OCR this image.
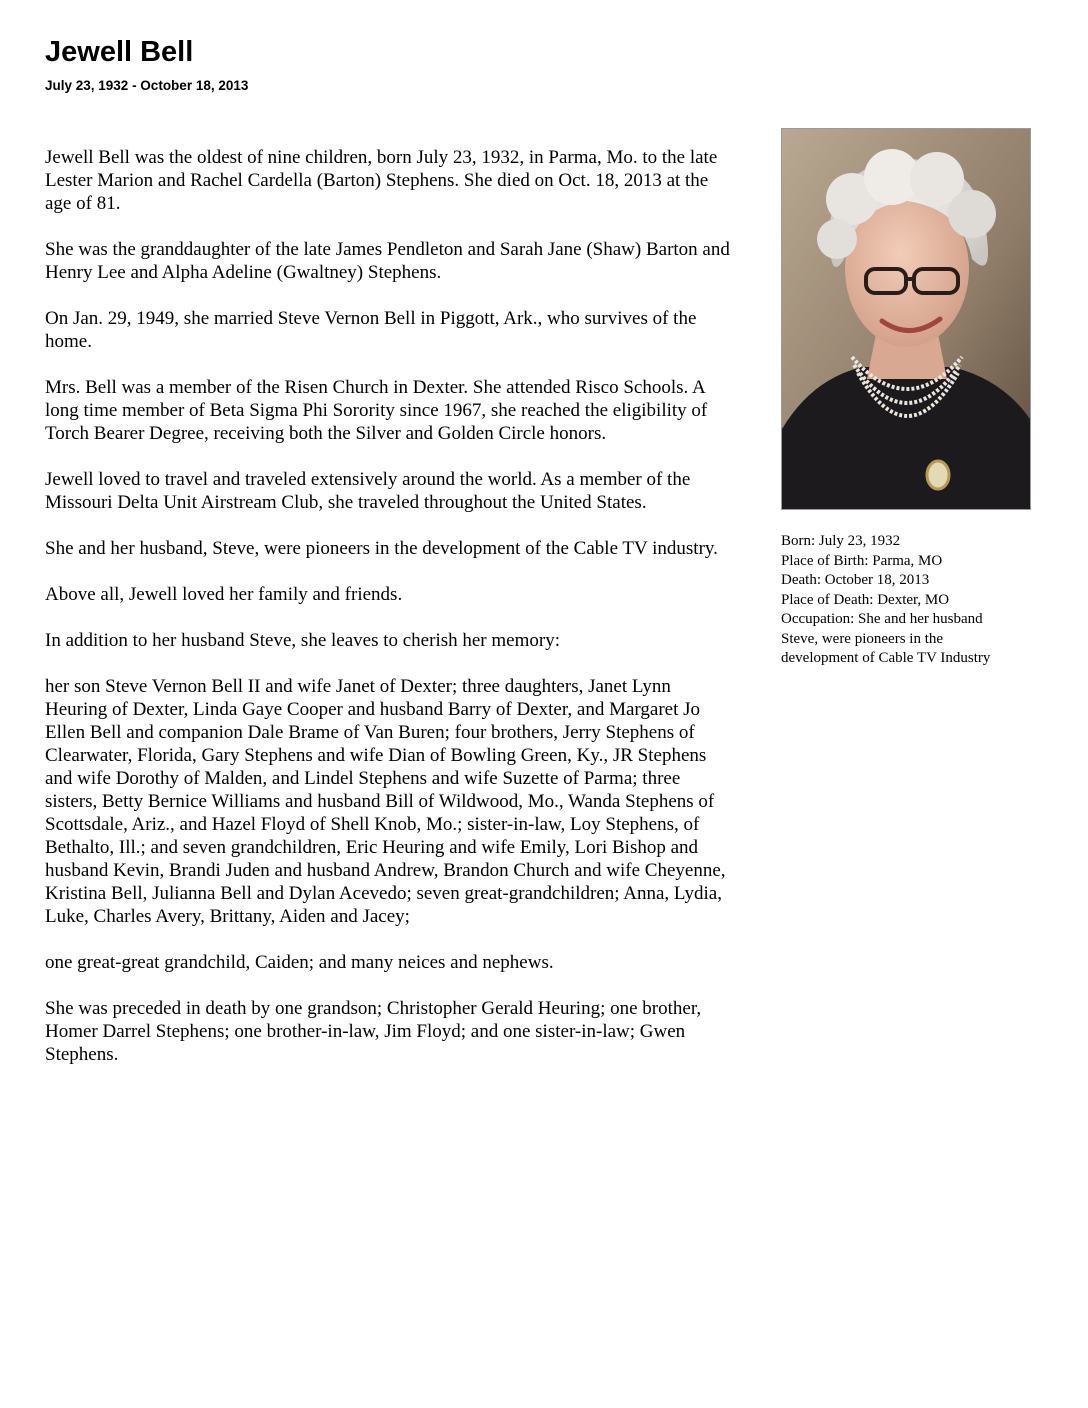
Jewell Bell
July 23, 1932 - October 18, 2013

Jewell Bell was the oldest of nine children, born July 23, 1932, in Parma, Mo. to the late Lester Marion and Rachel Cardella (Barton) Stephens. She died on Oct. 18, 2013 at the age of 81.

She was the granddaughter of the late James Pendleton and Sarah Jane (Shaw) Barton and Henry Lee and Alpha Adeline (Gwaltney) Stephens.

On Jan. 29, 1949, she married Steve Vernon Bell in Piggott, Ark., who survives of the home.

Mrs. Bell was a member of the Risen Church in Dexter. She attended Risco Schools. A long time member of Beta Sigma Phi Sorority since 1967, she reached the eligibility of Torch Bearer Degree, receiving both the Silver and Golden Circle honors.

Jewell loved to travel and traveled extensively around the world. As a member of the Missouri Delta Unit Airstream Club, she traveled throughout the United States.

She and her husband, Steve, were pioneers in the development of the Cable TV industry.

Above all, Jewell loved her family and friends.

In addition to her husband Steve, she leaves to cherish her memory:

her son Steve Vernon Bell II and wife Janet of Dexter; three daughters, Janet Lynn Heuring of Dexter, Linda Gaye Cooper and husband Barry of Dexter, and Margaret Jo Ellen Bell and companion Dale Brame of Van Buren; four brothers, Jerry Stephens of Clearwater, Florida, Gary Stephens and wife Dian of Bowling Green, Ky., JR Stephens and wife Dorothy of Malden, and Lindel Stephens and wife Suzette of Parma; three sisters, Betty Bernice Williams and husband Bill of Wildwood, Mo., Wanda Stephens of Scottsdale, Ariz., and Hazel Floyd of Shell Knob, Mo.; sister-in-law, Loy Stephens, of Bethalto, Ill.; and seven grandchildren, Eric Heuring and wife Emily, Lori Bishop and husband Kevin, Brandi Juden and husband Andrew, Brandon Church and wife Cheyenne, Kristina Bell, Julianna Bell and Dylan Acevedo; seven great-grandchildren; Anna, Lydia, Luke, Charles Avery, Brittany, Aiden and Jacey;

one great-great grandchild, Caiden; and many neices and nephews.

She was preceded in death by one grandson; Christopher Gerald Heuring; one brother, Homer Darrel Stephens; one brother-in-law, Jim Floyd; and one sister-in-law; Gwen Stephens.

Born: July 23, 1932
Place of Birth: Parma, MO
Death: October 18, 2013
Place of Death: Dexter, MO
Occupation: She and her husband
Steve, were pioneers in the
development of Cable TV Industry
